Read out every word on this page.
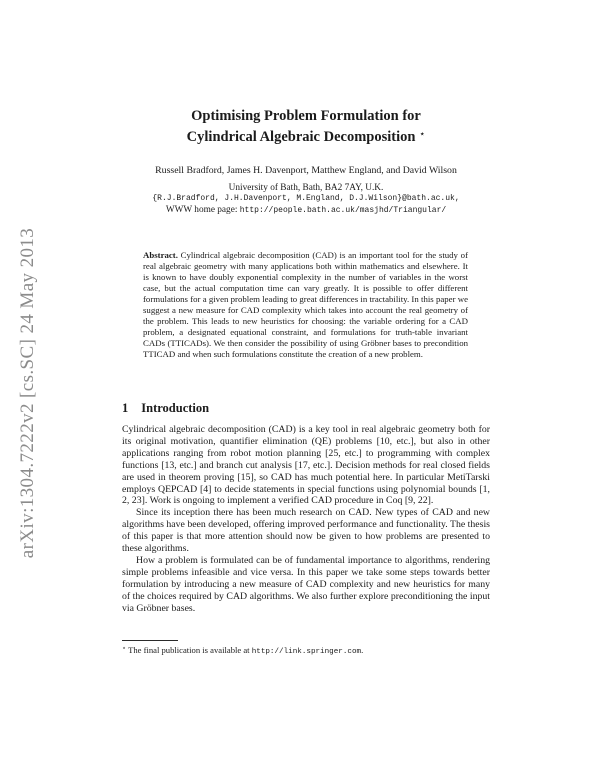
arXiv:1304.7222v2 [cs.SC] 24 May 2013
Optimising Problem Formulation for
Cylindrical Algebraic Decomposition ⋆
Russell Bradford, James H. Davenport, Matthew England, and David Wilson
University of Bath, Bath, BA2 7AY, U.K.
{R.J.Bradford, J.H.Davenport, M.England, D.J.Wilson}@bath.ac.uk,
WWW home page: http://people.bath.ac.uk/masjhd/Triangular/
Abstract. Cylindrical algebraic decomposition (CAD) is an important tool for the study of real algebraic geometry with many applications both within mathematics and elsewhere. It is known to have doubly exponential complexity in the number of variables in the worst case, but the actual computation time can vary greatly. It is possible to offer different formulations for a given problem leading to great differences in tractability. In this paper we suggest a new measure for CAD complexity which takes into account the real geometry of the problem. This leads to new heuristics for choosing: the variable ordering for a CAD problem, a designated equational constraint, and formulations for truth-table invariant CADs (TTICADs). We then consider the possibility of using Gröbner bases to precondition TTICAD and when such formulations constitute the creation of a new problem.
1 Introduction

Cylindrical algebraic decomposition (CAD) is a key tool in real algebraic geometry both for its original motivation, quantifier elimination (QE) problems [10, etc.], but also in other applications ranging from robot motion planning [25, etc.] to programming with complex functions [13, etc.] and branch cut analysis [17, etc.]. Decision methods for real closed fields are used in theorem proving [15], so CAD has much potential here. In particular MetiTarski employs QEPCAD [4] to decide statements in special functions using polynomial bounds [1, 2, 23]. Work is ongoing to implement a verified CAD procedure in Coq [9, 22].

Since its inception there has been much research on CAD. New types of CAD and new algorithms have been developed, offering improved performance and functionality. The thesis of this paper is that more attention should now be given to how problems are presented to these algorithms.

How a problem is formulated can be of fundamental importance to algorithms, rendering simple problems infeasible and vice versa. In this paper we take some steps towards better formulation by introducing a new measure of CAD complexity and new heuristics for many of the choices required by CAD algorithms. We also further explore preconditioning the input via Gröbner bases.

⋆ The final publication is available at http://link.springer.com.
